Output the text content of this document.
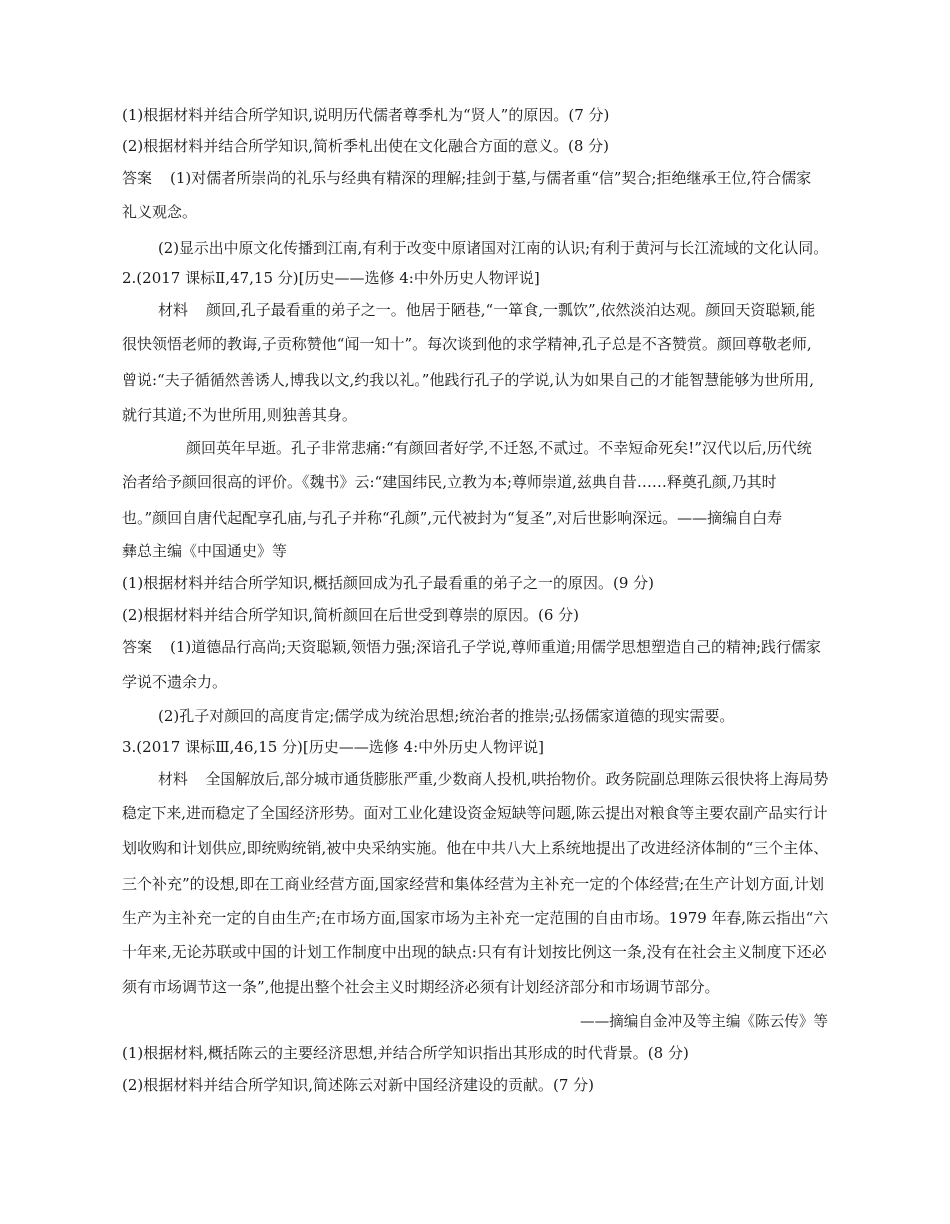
(1)根据材料并结合所学知识,说明历代儒者尊季札为“贤人”的原因。(7 分)
(2)根据材料并结合所学知识,简析季札出使在文化融合方面的意义。(8 分)
答案 (1)对儒者所崇尚的礼乐与经典有精深的理解;挂剑于墓,与儒者重“信”契合;拒绝继承王位,符合儒家
礼义观念。
(2)显示出中原文化传播到江南,有利于改变中原诸国对江南的认识;有利于黄河与长江流域的文化认同。
2.(2017 课标Ⅱ,47,15 分)[历史——选修 4:中外历史人物评说]
材料 颜回,孔子最看重的弟子之一。他居于陋巷,“一箪食,一瓢饮”,依然淡泊达观。颜回天资聪颖,能
很快领悟老师的教诲,子贡称赞他“闻一知十”。每次谈到他的求学精神,孔子总是不吝赞赏。颜回尊敬老师,
曾说:“夫子循循然善诱人,博我以文,约我以礼。”他践行孔子的学说,认为如果自己的才能智慧能够为世所用,
就行其道;不为世所用,则独善其身。
颜回英年早逝。孔子非常悲痛:“有颜回者好学,不迁怒,不贰过。不幸短命死矣!”汉代以后,历代统
治者给予颜回很高的评价。《魏书》云:“建国纬民,立教为本;尊师崇道,兹典自昔……释奠孔颜,乃其时
也。”颜回自唐代起配享孔庙,与孔子并称“孔颜”,元代被封为“复圣”,对后世影响深远。——摘编自白寿
彝总主编《中国通史》等
(1)根据材料并结合所学知识,概括颜回成为孔子最看重的弟子之一的原因。(9 分)
(2)根据材料并结合所学知识,简析颜回在后世受到尊崇的原因。(6 分)
答案 (1)道德品行高尚;天资聪颖,领悟力强;深谙孔子学说,尊师重道;用儒学思想塑造自己的精神;践行儒家
学说不遗余力。
(2)孔子对颜回的高度肯定;儒学成为统治思想;统治者的推崇;弘扬儒家道德的现实需要。
3.(2017 课标Ⅲ,46,15 分)[历史——选修 4:中外历史人物评说]
材料 全国解放后,部分城市通货膨胀严重,少数商人投机,哄抬物价。政务院副总理陈云很快将上海局势
稳定下来,进而稳定了全国经济形势。面对工业化建设资金短缺等问题,陈云提出对粮食等主要农副产品实行计
划收购和计划供应,即统购统销,被中央采纳实施。他在中共八大上系统地提出了改进经济体制的“三个主体、
三个补充”的设想,即在工商业经营方面,国家经营和集体经营为主补充一定的个体经营;在生产计划方面,计划
生产为主补充一定的自由生产;在市场方面,国家市场为主补充一定范围的自由市场。1979 年春,陈云指出“六
十年来,无论苏联或中国的计划工作制度中出现的缺点:只有有计划按比例这一条,没有在社会主义制度下还必
须有市场调节这一条”,他提出整个社会主义时期经济必须有计划经济部分和市场调节部分。
——摘编自金冲及等主编《陈云传》等
(1)根据材料,概括陈云的主要经济思想,并结合所学知识指出其形成的时代背景。(8 分)
(2)根据材料并结合所学知识,简述陈云对新中国经济建设的贡献。(7 分)
